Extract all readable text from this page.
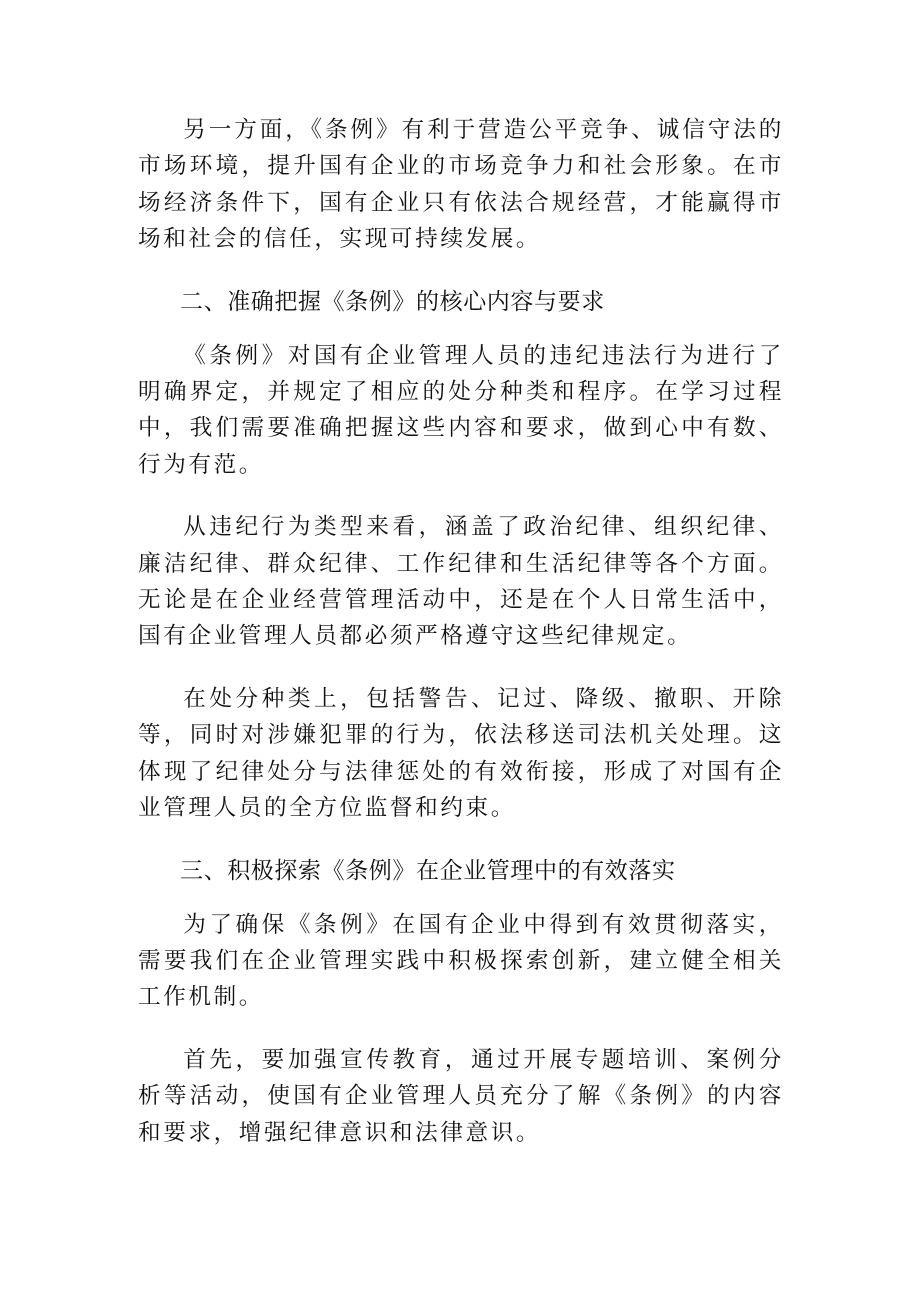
另一方面，《条例》有利于营造公平竞争、诚信守法的市场环境，提升国有企业的市场竞争力和社会形象。在市场经济条件下，国有企业只有依法合规经营，才能赢得市场和社会的信任，实现可持续发展。

二、准确把握《条例》的核心内容与要求

《条例》对国有企业管理人员的违纪违法行为进行了明确界定，并规定了相应的处分种类和程序。在学习过程中，我们需要准确把握这些内容和要求，做到心中有数、行为有范。

从违纪行为类型来看，涵盖了政治纪律、组织纪律、廉洁纪律、群众纪律、工作纪律和生活纪律等各个方面。无论是在企业经营管理活动中，还是在个人日常生活中，国有企业管理人员都必须严格遵守这些纪律规定。

在处分种类上，包括警告、记过、降级、撤职、开除等，同时对涉嫌犯罪的行为，依法移送司法机关处理。这体现了纪律处分与法律惩处的有效衔接，形成了对国有企业管理人员的全方位监督和约束。

三、积极探索《条例》在企业管理中的有效落实

为了确保《条例》在国有企业中得到有效贯彻落实，需要我们在企业管理实践中积极探索创新，建立健全相关工作机制。

首先，要加强宣传教育，通过开展专题培训、案例分析等活动，使国有企业管理人员充分了解《条例》的内容和要求，增强纪律意识和法律意识。
